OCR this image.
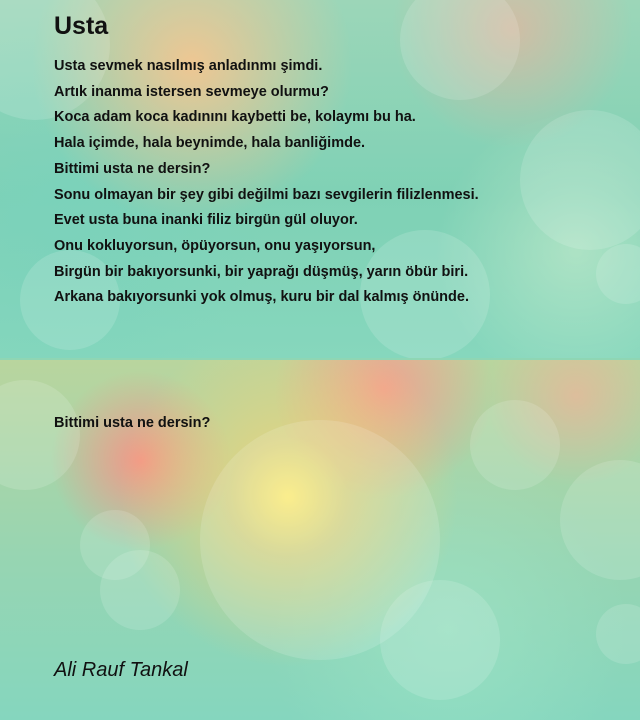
Usta
Usta sevmek nasılmış anladınmı şimdi.
Artık inanma istersen sevmeye olurmu?
Koca adam koca kadınını kaybetti be, kolaymı bu ha.
Hala içimde, hala beynimde, hala banliğimde.
Bittimi usta ne dersin?
Sonu olmayan bir şey gibi değilmi bazı sevgilerin filizlenmesi.
Evet usta buna inanki filiz birgün gül oluyor.
Onu kokluyorsun, öpüyorsun, onu yaşıyorsun,
Birgün bir bakıyorsunki, bir yaprağı düşmüş, yarın öbür biri.
Arkana bakıyorsunki yok olmuş, kuru bir dal kalmış önünde.

Bittimi usta ne dersin?

Ali Rauf Tankal
